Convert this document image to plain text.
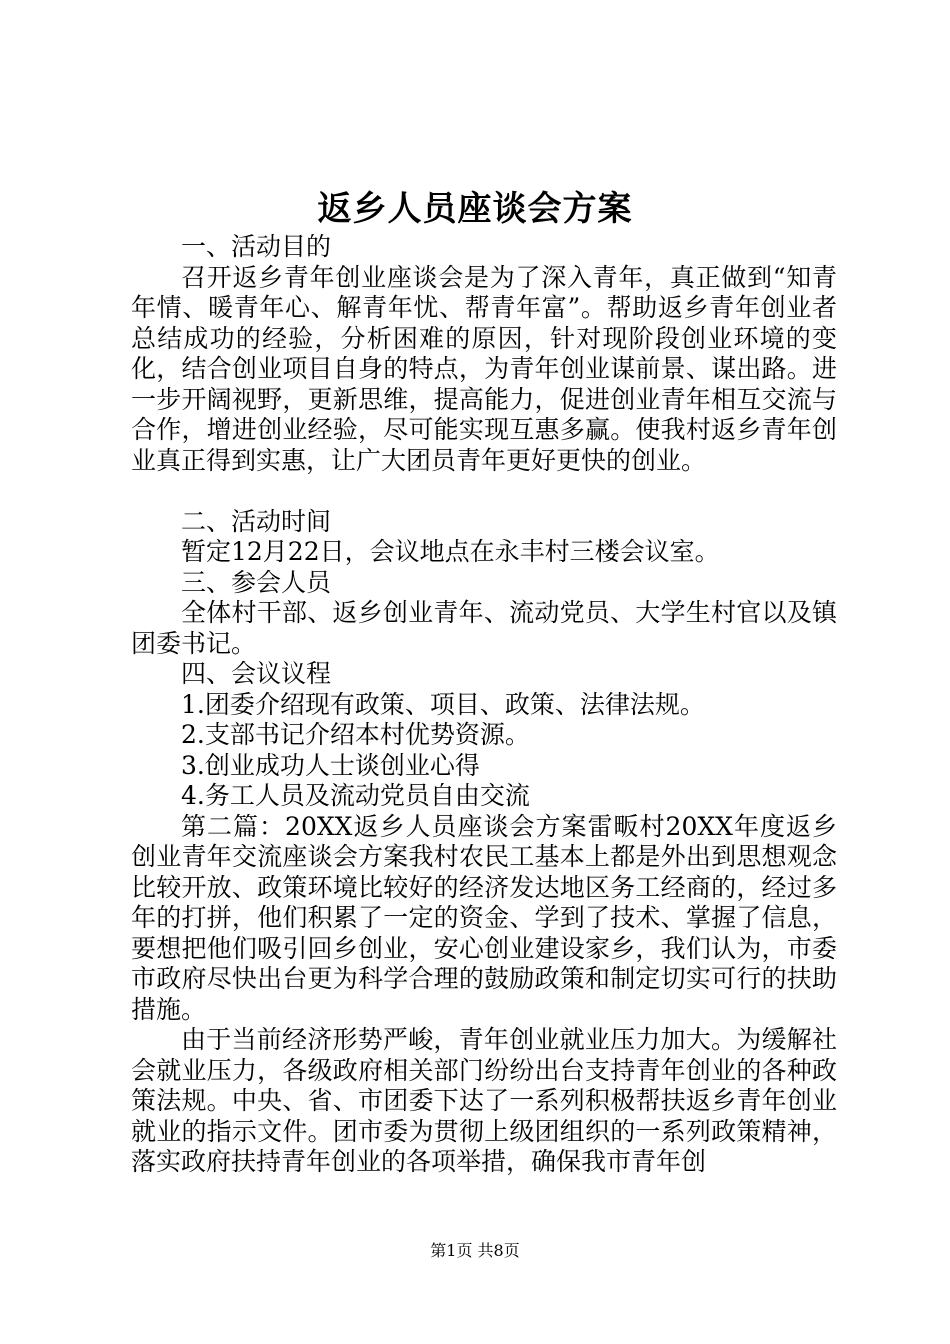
返乡人员座谈会方案

一、活动目的

召开返乡青年创业座谈会是为了深入青年，真正做到“知青年情、暖青年心、解青年忧、帮青年富”。帮助返乡青年创业者总结成功的经验，分析困难的原因，针对现阶段创业环境的变化，结合创业项目自身的特点，为青年创业谋前景、谋出路。进一步开阔视野，更新思维，提高能力，促进创业青年相互交流与合作，增进创业经验，尽可能实现互惠多赢。使我村返乡青年创业真正得到实惠，让广大团员青年更好更快的创业。

二、活动时间

暂定12月22日，会议地点在永丰村三楼会议室。

三、参会人员

全体村干部、返乡创业青年、流动党员、大学生村官以及镇团委书记。

四、会议议程

1.团委介绍现有政策、项目、政策、法律法规。

2.支部书记介绍本村优势资源。

3.创业成功人士谈创业心得

4.务工人员及流动党员自由交流

第二篇：20XX返乡人员座谈会方案雷畈村20XX年度返乡创业青年交流座谈会方案我村农民工基本上都是外出到思想观念比较开放、政策环境比较好的经济发达地区务工经商的，经过多年的打拼，他们积累了一定的资金、学到了技术、掌握了信息，要想把他们吸引回乡创业，安心创业建设家乡，我们认为，市委市政府尽快出台更为科学合理的鼓励政策和制定切实可行的扶助措施。

由于当前经济形势严峻，青年创业就业压力加大。为缓解社会就业压力，各级政府相关部门纷纷出台支持青年创业的各种政策法规。中央、省、市团委下达了一系列积极帮扶返乡青年创业就业的指示文件。团市委为贯彻上级团组织的一系列政策精神，落实政府扶持青年创业的各项举措，确保我市青年创

第1页 共8页
